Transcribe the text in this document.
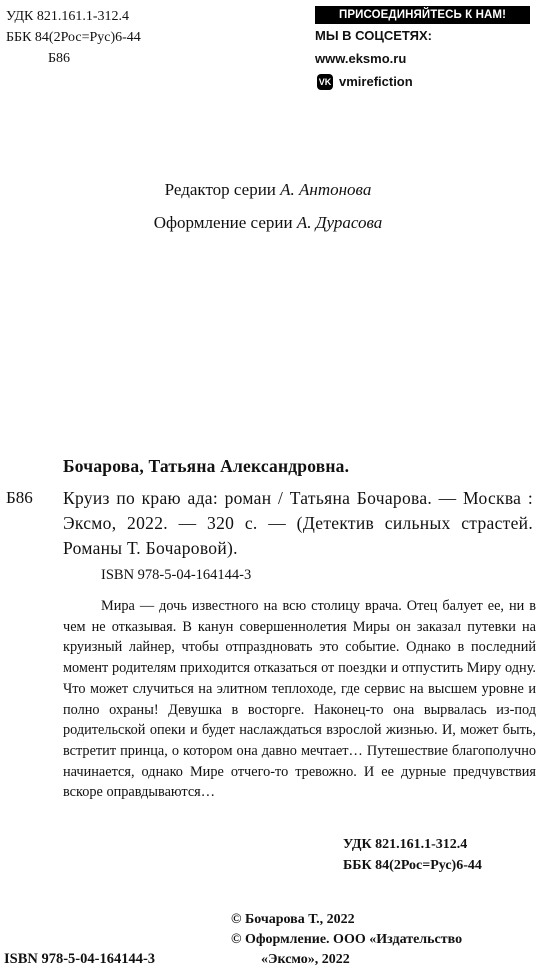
УДК 821.161.1-312.4
ББК 84(2Рос=Рус)6-44
Б86
ПРИСОЕДИНЯЙТЕСЬ К НАМ!
МЫ В СОЦСЕТЯХ:
www.eksmo.ru
VK vmirefiction
Редактор серии А. Антонова
Оформление серии А. Дурасова
Бочарова, Татьяна Александровна.
Б86 Круиз по краю ада: роман / Татьяна Бочарова. — Москва : Эксмо, 2022. — 320 с. — (Детектив сильных страстей. Романы Т. Бочаровой).
ISBN 978-5-04-164144-3

Мира — дочь известного на всю столицу врача. Отец балует ее, ни в чем не отказывая. В канун совершеннолетия Миры он заказал путевки на круизный лайнер, чтобы отпраздновать это событие. Однако в последний момент родителям приходится отказаться от поездки и отпустить Миру одну. Что может случиться на элитном теплоходе, где сервис на высшем уровне и полно охраны! Девушка в восторге. Наконец-то она вырвалась из-под родительской опеки и будет наслаждаться взрослой жизнью. И, может быть, встретит принца, о котором она давно мечтает… Путешествие благополучно начинается, однако Мире отчего-то тревожно. И ее дурные предчувствия вскоре оправдываются…

УДК 821.161.1-312.4
ББК 84(2Рос=Рус)6-44
© Бочарова Т., 2022
© Оформление. ООО «Издательство
«Эксмо», 2022
ISBN 978-5-04-164144-3
